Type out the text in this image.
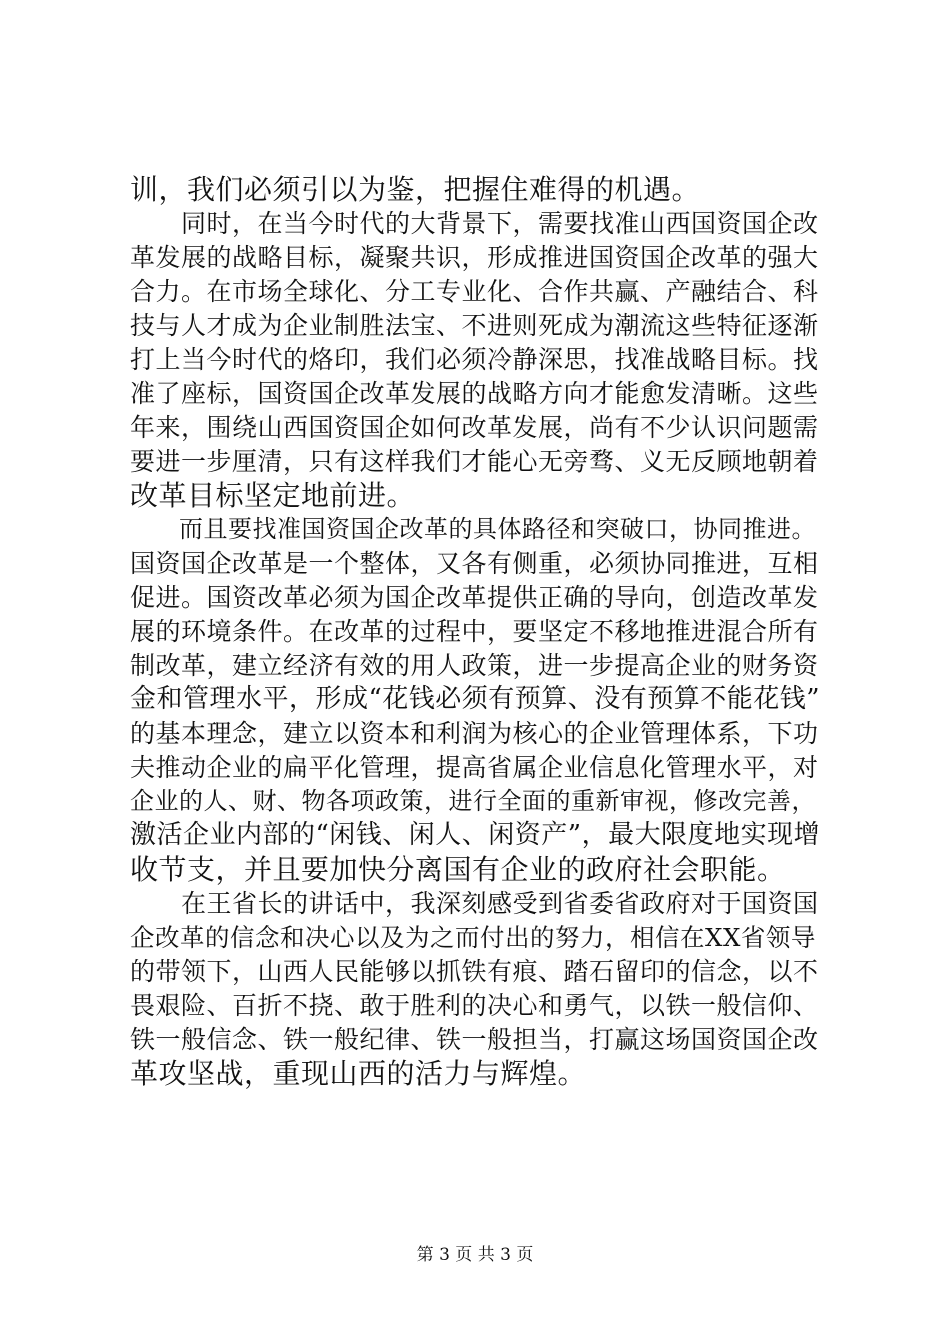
训，我们必须引以为鉴，把握住难得的机遇。
　　同时，在当今时代的大背景下，需要找准山西国资国企改
革发展的战略目标，凝聚共识，形成推进国资国企改革的强大
合力。在市场全球化、分工专业化、合作共赢、产融结合、科
技与人才成为企业制胜法宝、不进则死成为潮流这些特征逐渐
打上当今时代的烙印，我们必须冷静深思，找准战略目标。找
准了座标，国资国企改革发展的战略方向才能愈发清晰。这些
年来，围绕山西国资国企如何改革发展，尚有不少认识问题需
要进一步厘清，只有这样我们才能心无旁骛、义无反顾地朝着
改革目标坚定地前进。
　　而且要找准国资国企改革的具体路径和突破口，协同推进。
国资国企改革是一个整体，又各有侧重，必须协同推进，互相
促进。国资改革必须为国企改革提供正确的导向，创造改革发
展的环境条件。在改革的过程中，要坚定不移地推进混合所有
制改革，建立经济有效的用人政策，进一步提高企业的财务资
金和管理水平，形成“花钱必须有预算、没有预算不能花钱”
的基本理念，建立以资本和利润为核心的企业管理体系，下功
夫推动企业的扁平化管理，提高省属企业信息化管理水平，对
企业的人、财、物各项政策，进行全面的重新审视，修改完善，
激活企业内部的“闲钱、闲人、闲资产”，最大限度地实现增
收节支，并且要加快分离国有企业的政府社会职能。
　　在王省长的讲话中，我深刻感受到省委省政府对于国资国
企改革的信念和决心以及为之而付出的努力，相信在XX省领导
的带领下，山西人民能够以抓铁有痕、踏石留印的信念，以不
畏艰险、百折不挠、敢于胜利的决心和勇气，以铁一般信仰、
铁一般信念、铁一般纪律、铁一般担当，打赢这场国资国企改
革攻坚战，重现山西的活力与辉煌。
第 3 页 共 3 页
